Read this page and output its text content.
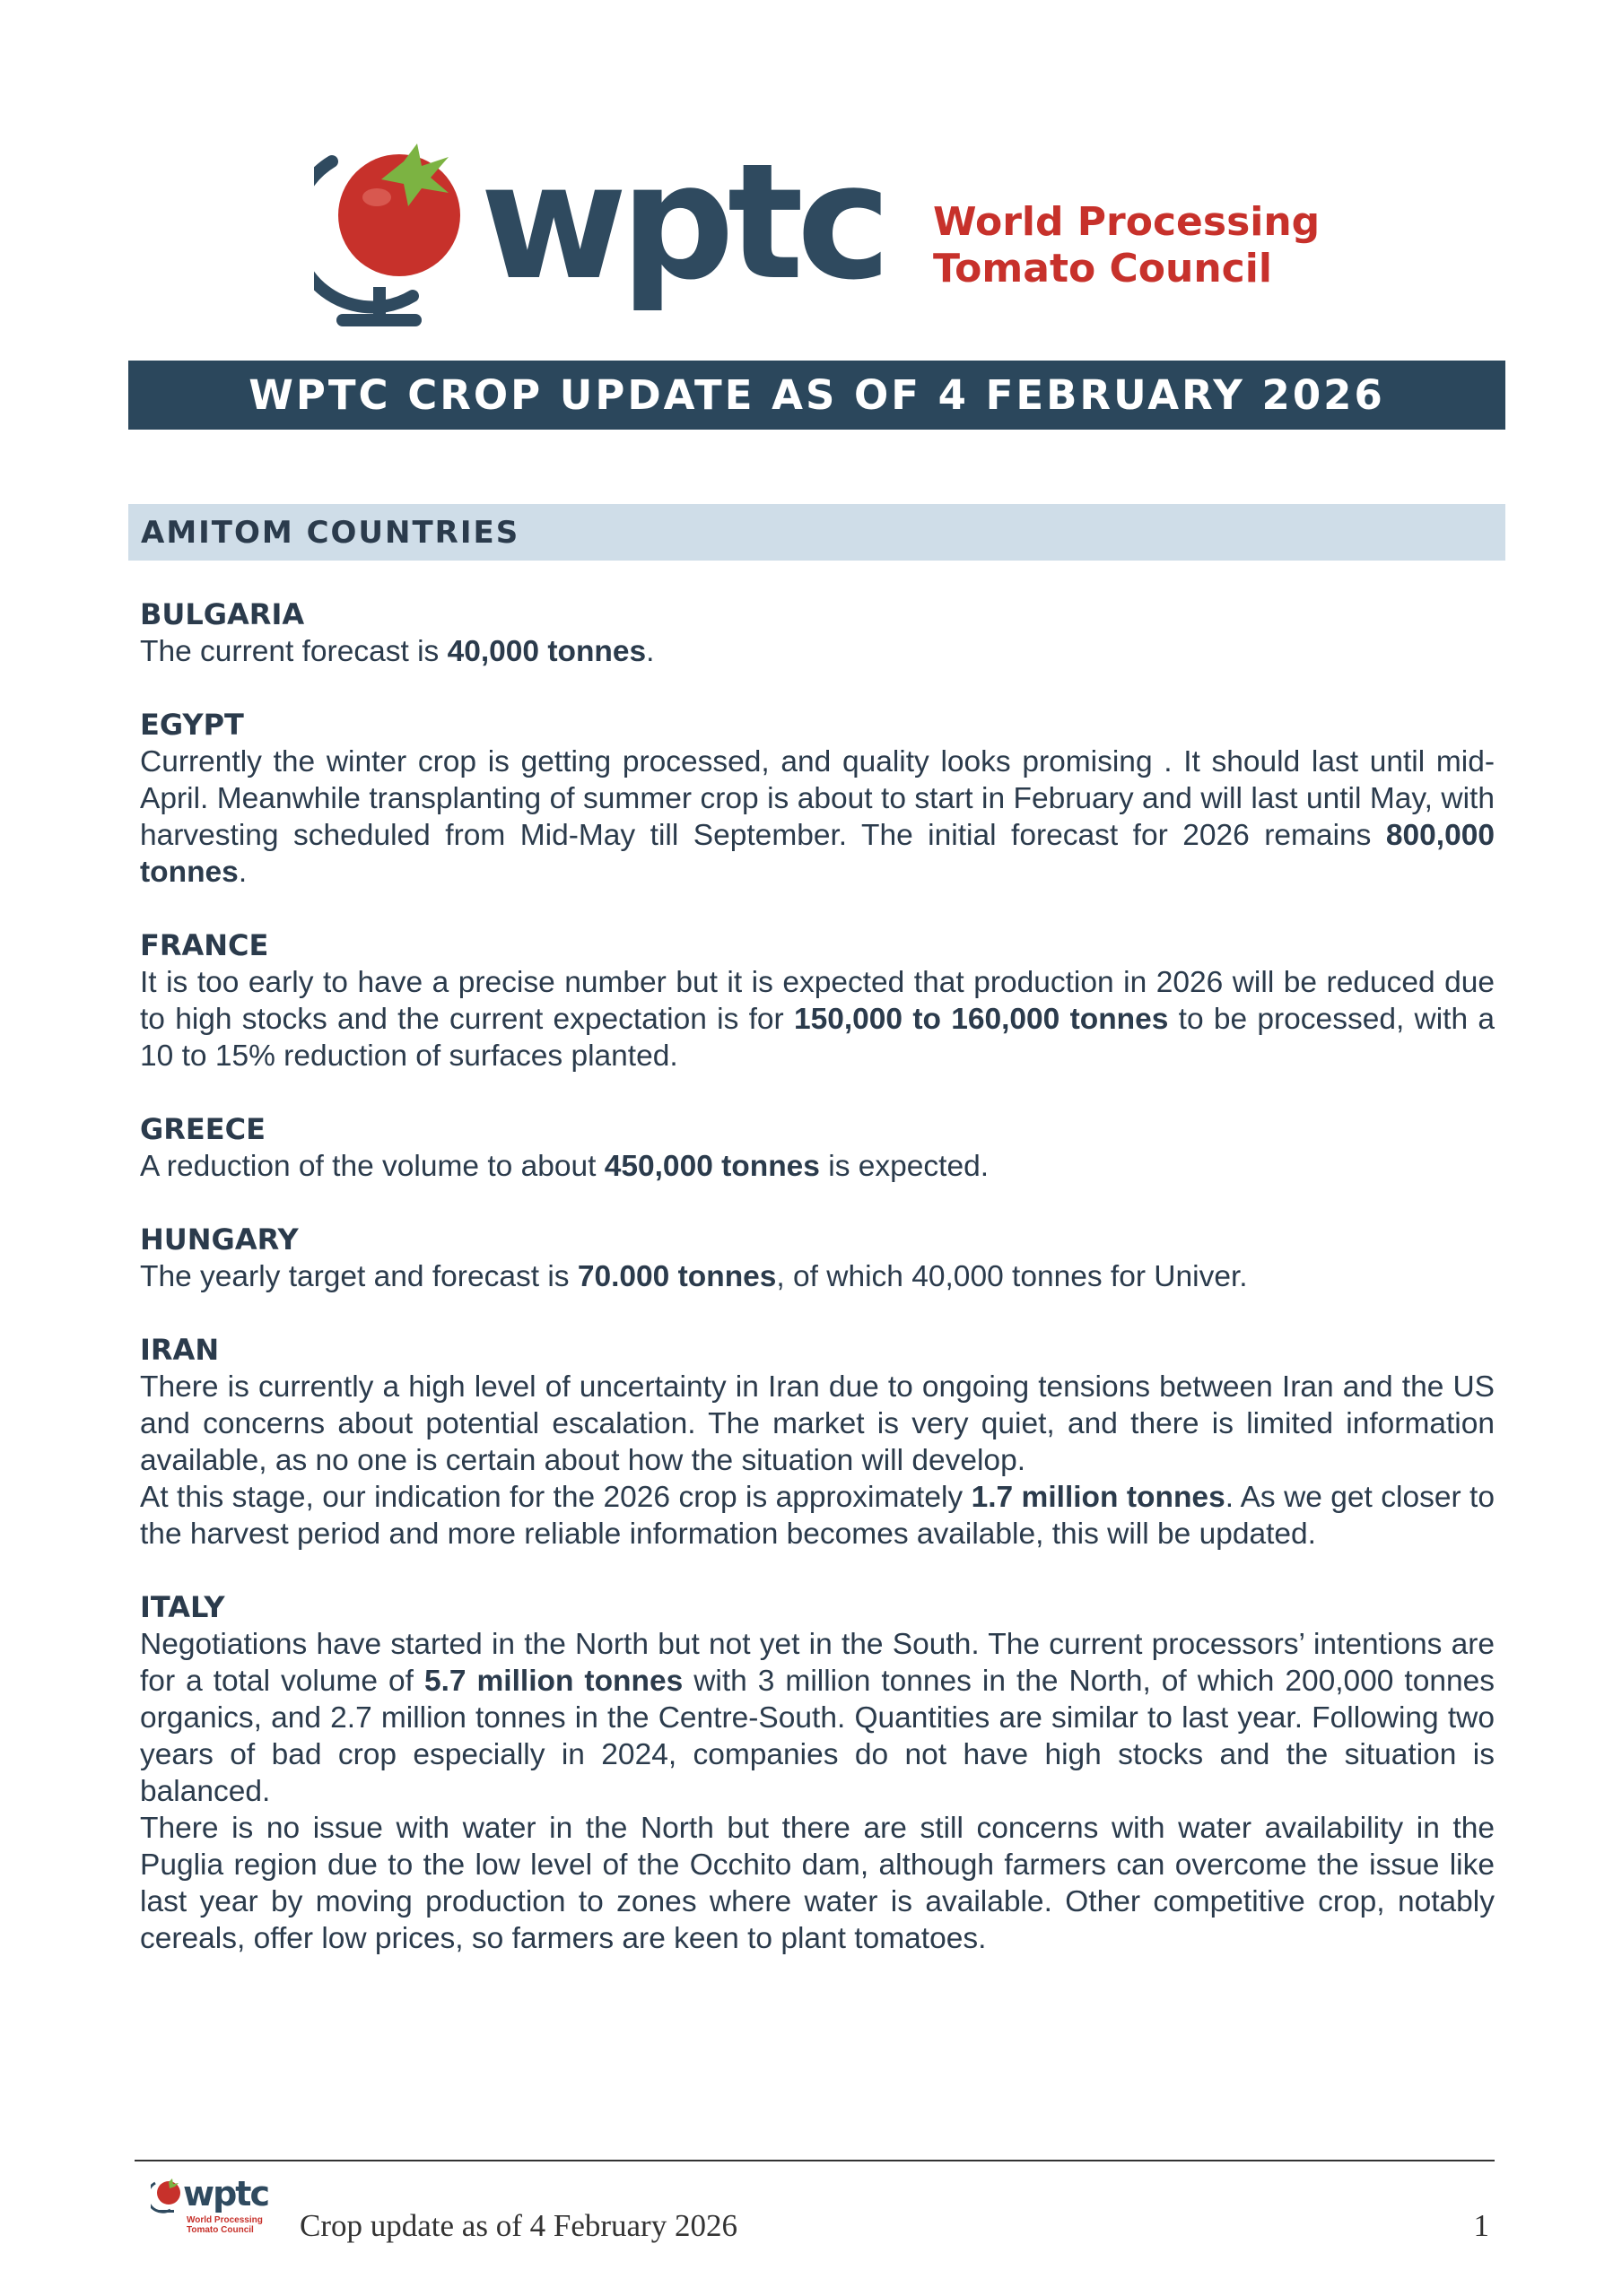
wptc World Processing
Tomato Council
WPTC CROP UPDATE AS OF 4 FEBRUARY 2026
AMITOM COUNTRIES
BULGARIA
The current forecast is 40,000 tonnes.
EGYPT
Currently the winter crop is getting processed, and quality looks promising . It should last until mid-April. Meanwhile transplanting of summer crop is about to start in February and will last until May, with harvesting scheduled from Mid-May till September. The initial forecast for 2026 remains 800,000 tonnes.
FRANCE
It is too early to have a precise number but it is expected that production in 2026 will be reduced due to high stocks and the current expectation is for 150,000 to 160,000 tonnes to be processed, with a 10 to 15% reduction of surfaces planted.
GREECE
A reduction of the volume to about 450,000 tonnes is expected.
HUNGARY
The yearly target and forecast is 70.000 tonnes, of which 40,000 tonnes for Univer.
IRAN
There is currently a high level of uncertainty in Iran due to ongoing tensions between Iran and the US and concerns about potential escalation. The market is very quiet, and there is limited information available, as no one is certain about how the situation will develop.
At this stage, our indication for the 2026 crop is approximately 1.7 million tonnes. As we get closer to the harvest period and more reliable information becomes available, this will be updated.
ITALY
Negotiations have started in the North but not yet in the South. The current processors’ intentions are for a total volume of 5.7 million tonnes with 3 million tonnes in the North, of which 200,000 tonnes organics, and 2.7 million tonnes in the Centre-South. Quantities are similar to last year. Following two years of bad crop especially in 2024, companies do not have high stocks and the situation is balanced.
There is no issue with water in the North but there are still concerns with water availability in the Puglia region due to the low level of the Occhito dam, although farmers can overcome the issue like last year by moving production to zones where water is available. Other competitive crop, notably cereals, offer low prices, so farmers are keen to plant tomatoes.
wptc
World Processing
Tomato Council Crop update as of 4 February 2026	1
